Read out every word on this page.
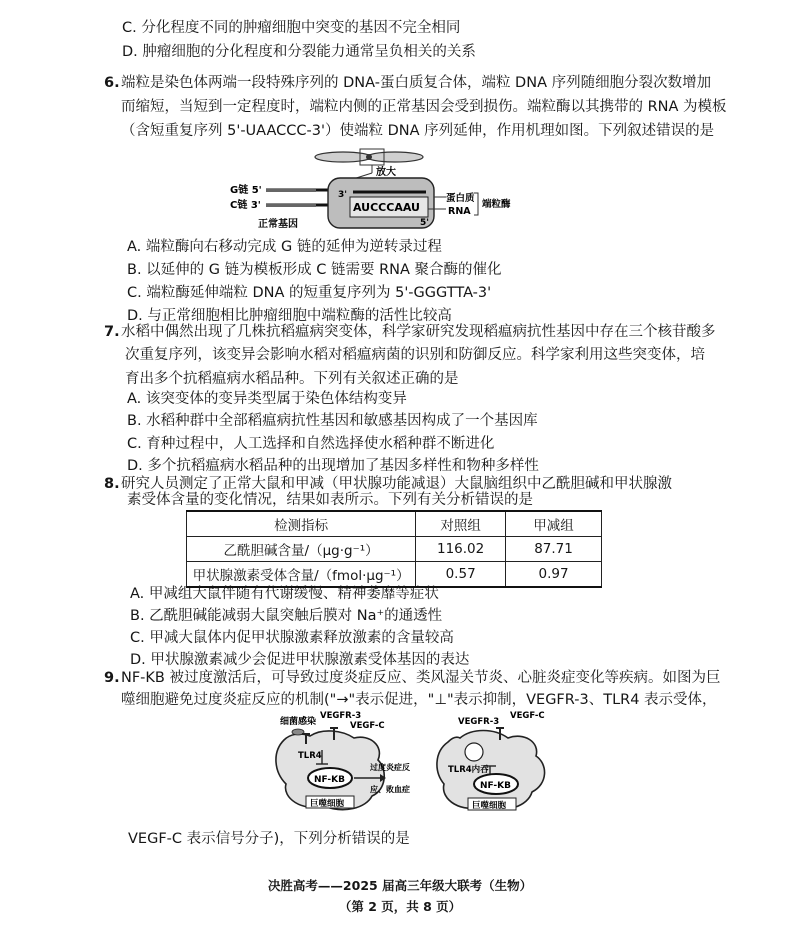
C. 分化程度不同的肿瘤细胞中突变的基因不完全相同
D. 肿瘤细胞的分化程度和分裂能力通常呈负相关的关系
6. 端粒是染色体两端一段特殊序列的 DNA-蛋白质复合体，端粒 DNA 序列随细胞分裂次数增加
而缩短，当短到一定程度时，端粒内侧的正常基因会受到损伤。端粒酶以其携带的 RNA 为模板
（含短重复序列 5'-UAACCC-3'）使端粒 DNA 序列延伸，作用机理如图。下列叙述错误的是
放大
G链 5'
C链 3'
正常基因
AUCCCAAU
3'
5'
蛋白质
RNA
端粒酶
A. 端粒酶向右移动完成 G 链的延伸为逆转录过程
B. 以延伸的 G 链为模板形成 C 链需要 RNA 聚合酶的催化
C. 端粒酶延伸端粒 DNA 的短重复序列为 5'-GGGTTA-3'
D. 与正常细胞相比肿瘤细胞中端粒酶的活性比较高
7. 水稻中偶然出现了几株抗稻瘟病突变体，科学家研究发现稻瘟病抗性基因中存在三个核苷酸多
次重复序列，该变异会影响水稻对稻瘟病菌的识别和防御反应。科学家利用这些突变体，培
育出多个抗稻瘟病水稻品种。下列有关叙述正确的是
A. 该突变体的变异类型属于染色体结构变异
B. 水稻种群中全部稻瘟病抗性基因和敏感基因构成了一个基因库
C. 育种过程中，人工选择和自然选择使水稻种群不断进化
D. 多个抗稻瘟病水稻品种的出现增加了基因多样性和物种多样性
8. 研究人员测定了正常大鼠和甲减（甲状腺功能减退）大鼠脑组织中乙酰胆碱和甲状腺激
素受体含量的变化情况，结果如表所示。下列有关分析错误的是
检测指标	对照组	甲减组
乙酰胆碱含量/（μg·g⁻¹）	116.02	87.71
甲状腺激素受体含量/（fmol·μg⁻¹）	0.57	0.97
A. 甲减组大鼠伴随有代谢缓慢、精神萎靡等症状
B. 乙酰胆碱能减弱大鼠突触后膜对 Na⁺的通透性
C. 甲减大鼠体内促甲状腺激素释放激素的含量较高
D. 甲状腺激素减少会促进甲状腺激素受体基因的表达
9. NF-KB 被过度激活后，可导致过度炎症反应、类风湿关节炎、心脏炎症变化等疾病。如图为巨
噬细胞避免过度炎症反应的机制("→"表示促进，"⊥"表示抑制，VEGFR-3、TLR4 表示受体，
细菌感染
VEGFR-3
VEGF-C
TLR4
NF-KB
巨噬细胞
过度炎症反
应、败血症
VEGFR-3
VEGF-C
TLR4内吞
NF-KB
巨噬细胞
VEGF-C 表示信号分子)，下列分析错误的是
决胜高考——2025 届高三年级大联考（生物）
（第 2 页，共 8 页）
